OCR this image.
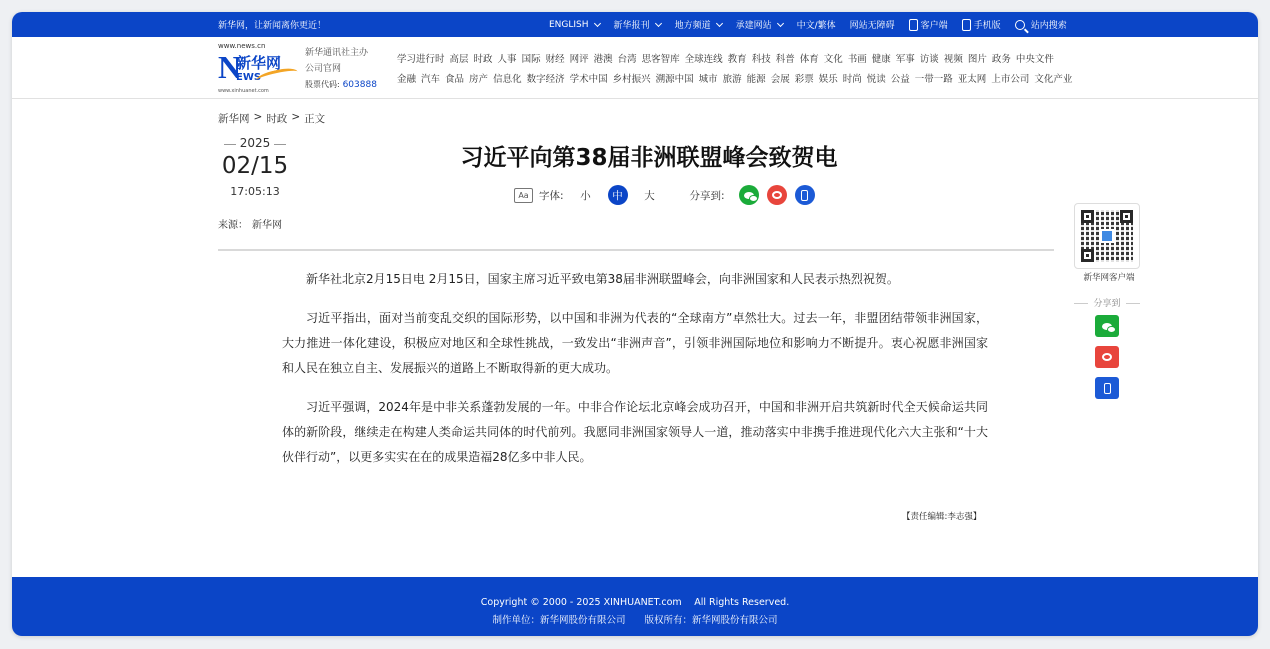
新华网，让新闻离你更近！	ENGLISH	新华报刊	地方频道	承建网站	中文/繁体 网站无障碍	客户端	手机版	站内搜索
www.news.cn
N
新华网
EWS
www.xinhuanet.com
新华通讯社主办
公司官网
股票代码: 603888
学习进行时 高层 时政 人事 国际 财经 网评 港澳 台湾 思客智库 全球连线 教育 科技 科普 体育 文化 书画 健康 军事 访谈 视频 图片 政务 中央文件
金融 汽车 食品 房产 信息化 数字经济 学术中国 乡村振兴 溯源中国 城市 旅游 能源 会展 彩票 娱乐 时尚 悦读 公益 一带一路 亚太网 上市公司 文化产业
新华网 > 时政 > 正文
2025
02/15
17:05:13
来源： 新华网
习近平向第38届非洲联盟峰会致贺电
Aa 字体:	小	中	大	分享到:

新华社北京2月15日电 2月15日，国家主席习近平致电第38届非洲联盟峰会，向非洲国家和人民表示热烈祝贺。

习近平指出，面对当前变乱交织的国际形势，以中国和非洲为代表的“全球南方”卓然壮大。过去一年，非盟团结带领非洲国家，大力推进一体化建设，积极应对地区和全球性挑战，一致发出“非洲声音”，引领非洲国际地位和影响力不断提升。衷心祝愿非洲国家和人民在独立自主、发展振兴的道路上不断取得新的更大成功。

习近平强调，2024年是中非关系蓬勃发展的一年。中非合作论坛北京峰会成功召开，中国和非洲开启共筑新时代全天候命运共同体的新阶段，继续走在构建人类命运共同体的时代前列。我愿同非洲国家领导人一道，推动落实中非携手推进现代化六大主张和“十大伙伴行动”，以更多实实在在的成果造福28亿多中非人民。

【责任编辑:李志强】
新华网客户端
分享到
Copyright © 2000 - 2025 XINHUANET.com　 All Rights Reserved.
制作单位：新华网股份有限公司 版权所有：新华网股份有限公司
